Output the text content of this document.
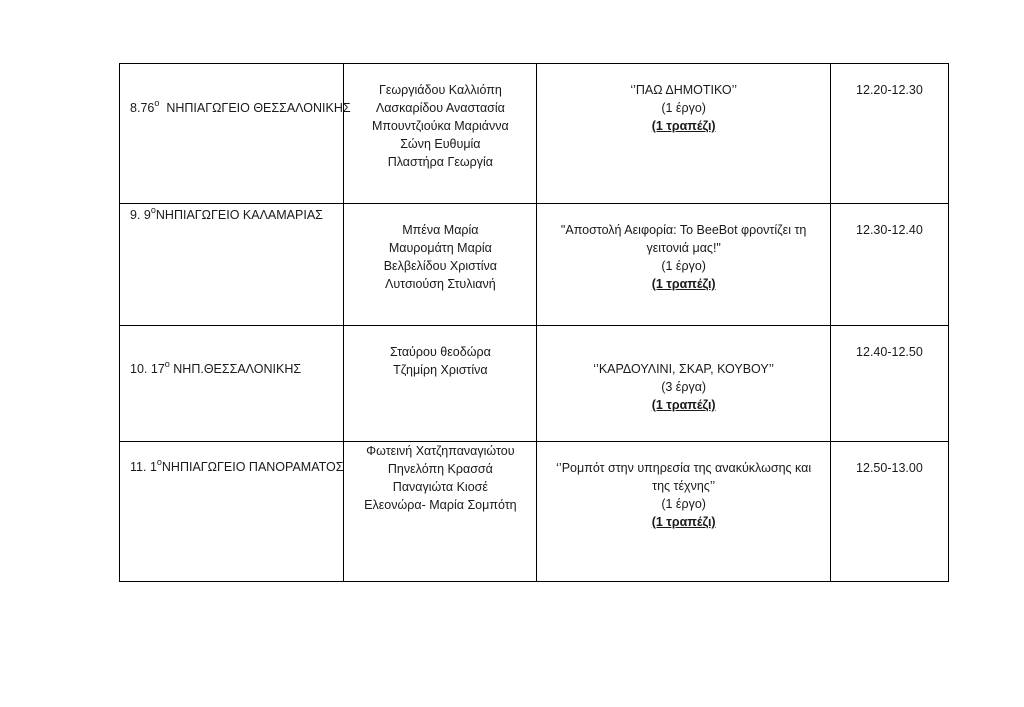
$8.76^o$ ΝΗΠΙΑΓΩΓΕΙΟ ΘΕΣΣΑΛΟΝΙΚΗΣ	Γεωργιάδου Καλλιόπη
Λασκαρίδου Αναστασία
Μπουντζιούκα Μαριάννα
Σώνη Ευθυμία
Πλαστήρα Γεωργία	‘’ΠΑΩ ΔΗΜΟΤΙΚΟ’’
(1 έργο)
(1 τραπέζι)	12.20-12.30

9. $9^oNH\Pi IA\Gamma\Omega\Gamma EIO$ ΚΑΛΑΜΑΡΙΑΣ	Μπένα Μαρία
Μαυρομάτη Μαρία
Βελβελίδου Χριστίνα
Λυτσιούση Στυλιανή	"Αποστολή Αειφορία: Το BeeBot φροντίζει τη
γειτονιά μας!"
(1 έργο)
(1 τραπέζι)	12.30-12.40

10. $17^o$ ΝΗΠ.ΘΕΣΣΑΛΟΝΙΚΗΣ	Σταύρου θεοδώρα
Τζημίρη Χριστίνα	‘’ΚΑΡΔΟΥΛΙΝΙ, ΣΚΑΡ, ΚΟΥΒΟΥ’’
(3 έργα)
(1 τραπέζι)	12.40-12.50

11. $1^oNH\Pi IA\Gamma\Omega\Gamma EIO$ ΠΑΝΟΡΑΜΑΤΟΣ	Φωτεινή Χατζηπαναγιώτου
Πηνελόπη Κρασσά
Παναγιώτα Κιοσέ
Ελεονώρα- Μαρία Σομπότη	‘’Ρομπότ στην υπηρεσία της ανακύκλωσης και
της τέχνης’’
(1 έργο)
(1 τραπέζι)	12.50-13.00
